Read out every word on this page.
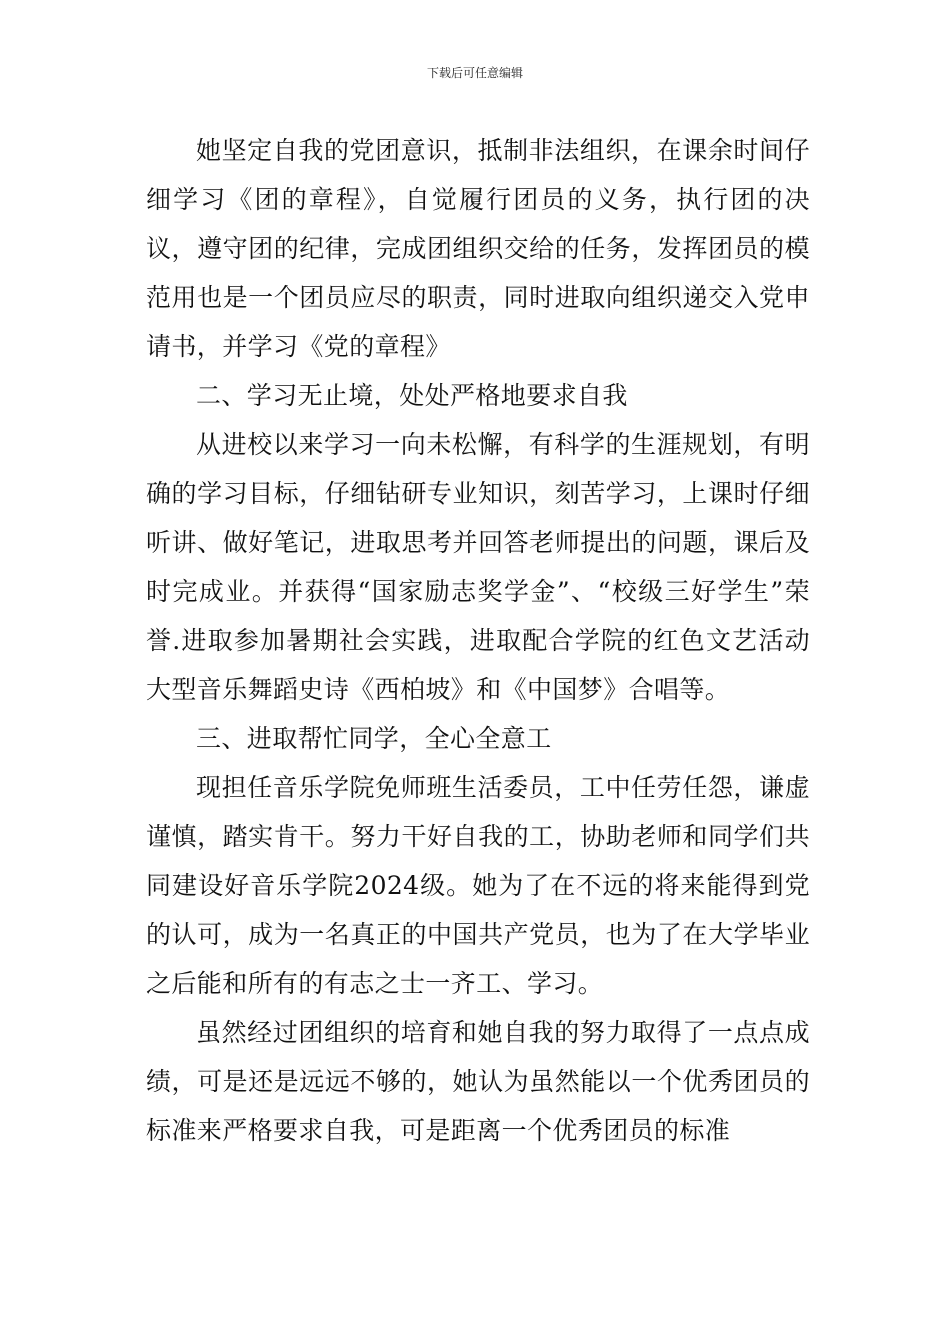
下载后可任意编辑

她坚定自我的党团意识，抵制非法组织，在课余时间仔细学习《团的章程》，自觉履行团员的义务，执行团的决议，遵守团的纪律，完成团组织交给的任务，发挥团员的模范用也是一个团员应尽的职责，同时进取向组织递交入党申请书，并学习《党的章程》

二、学习无止境，处处严格地要求自我

从进校以来学习一向未松懈，有科学的生涯规划，有明确的学习目标，仔细钻研专业知识，刻苦学习，上课时仔细听讲、做好笔记，进取思考并回答老师提出的问题，课后及时完成业。并获得“国家励志奖学金”、“校级三好学生”荣誉.进取参加暑期社会实践，进取配合学院的红色文艺活动大型音乐舞蹈史诗《西柏坡》和《中国梦》合唱等。

三、进取帮忙同学，全心全意工

现担任音乐学院免师班生活委员，工中任劳任怨，谦虚谨慎，踏实肯干。努力干好自我的工，协助老师和同学们共同建设好音乐学院2024级。她为了在不远的将来能得到党的认可，成为一名真正的中国共产党员，也为了在大学毕业之后能和所有的有志之士一齐工、学习。

虽然经过团组织的培育和她自我的努力取得了一点点成绩，可是还是远远不够的，她认为虽然能以一个优秀团员的标准来严格要求自我，可是距离一个优秀团员的标准
